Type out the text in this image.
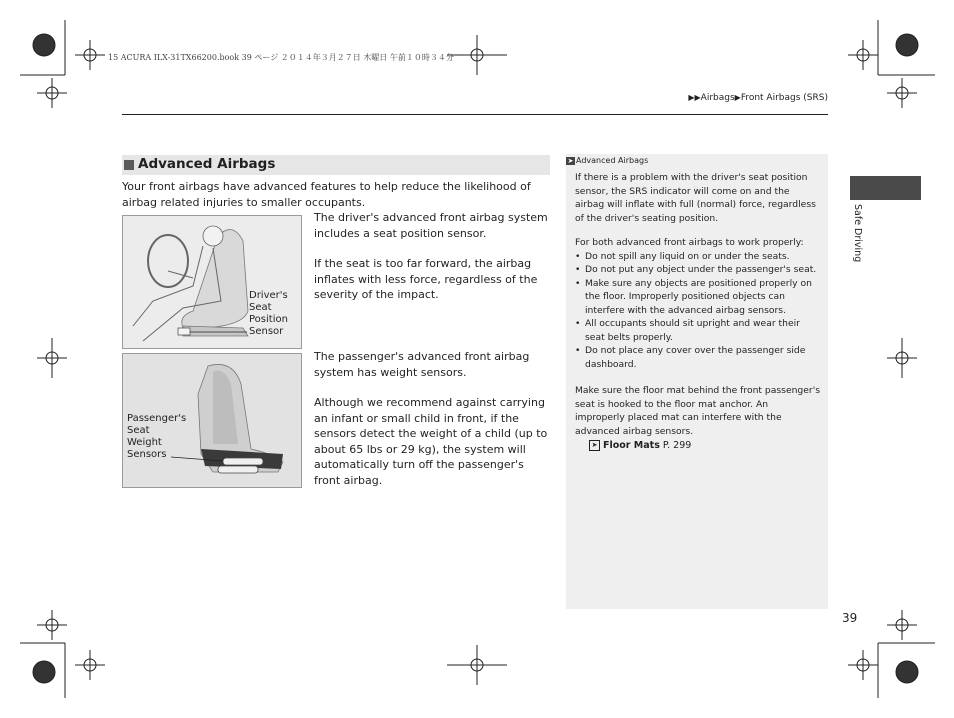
15 ACURA ILX-31TX66200.book 39 ページ ２０１４年３月２７日 木曜日 午前１０時３４分
▶▶Airbags▶Front Airbags (SRS)
Advanced Airbags
Your front airbags have advanced features to help reduce the likelihood of airbag related injuries to smaller occupants.
Driver's
Seat
Position
Sensor
The driver's advanced front airbag system includes a seat position sensor.
If the seat is too far forward, the airbag inflates with less force, regardless of the severity of the impact.
Passenger's
Seat
Weight
Sensors
The passenger's advanced front airbag system has weight sensors.
Although we recommend against carrying an infant or small child in front, if the sensors detect the weight of a child (up to about 65 lbs or 29 kg), the system will automatically turn off the passenger's front airbag.
➤ Advanced Airbags
If there is a problem with the driver's seat position sensor, the SRS indicator will come on and the airbag will inflate with full (normal) force, regardless of the driver's seating position.
For both advanced front airbags to work properly:
• Do not spill any liquid on or under the seats.
• Do not put any object under the passenger's seat.
• Make sure any objects are positioned properly on the floor. Improperly positioned objects can interfere with the advanced airbag sensors.
• All occupants should sit upright and wear their seat belts properly.
• Do not place any cover over the passenger side dashboard.
Make sure the floor mat behind the front passenger's seat is hooked to the floor mat anchor. An improperly placed mat can interfere with the advanced airbag sensors.
➤ Floor Mats P. 299
Safe Driving
39
